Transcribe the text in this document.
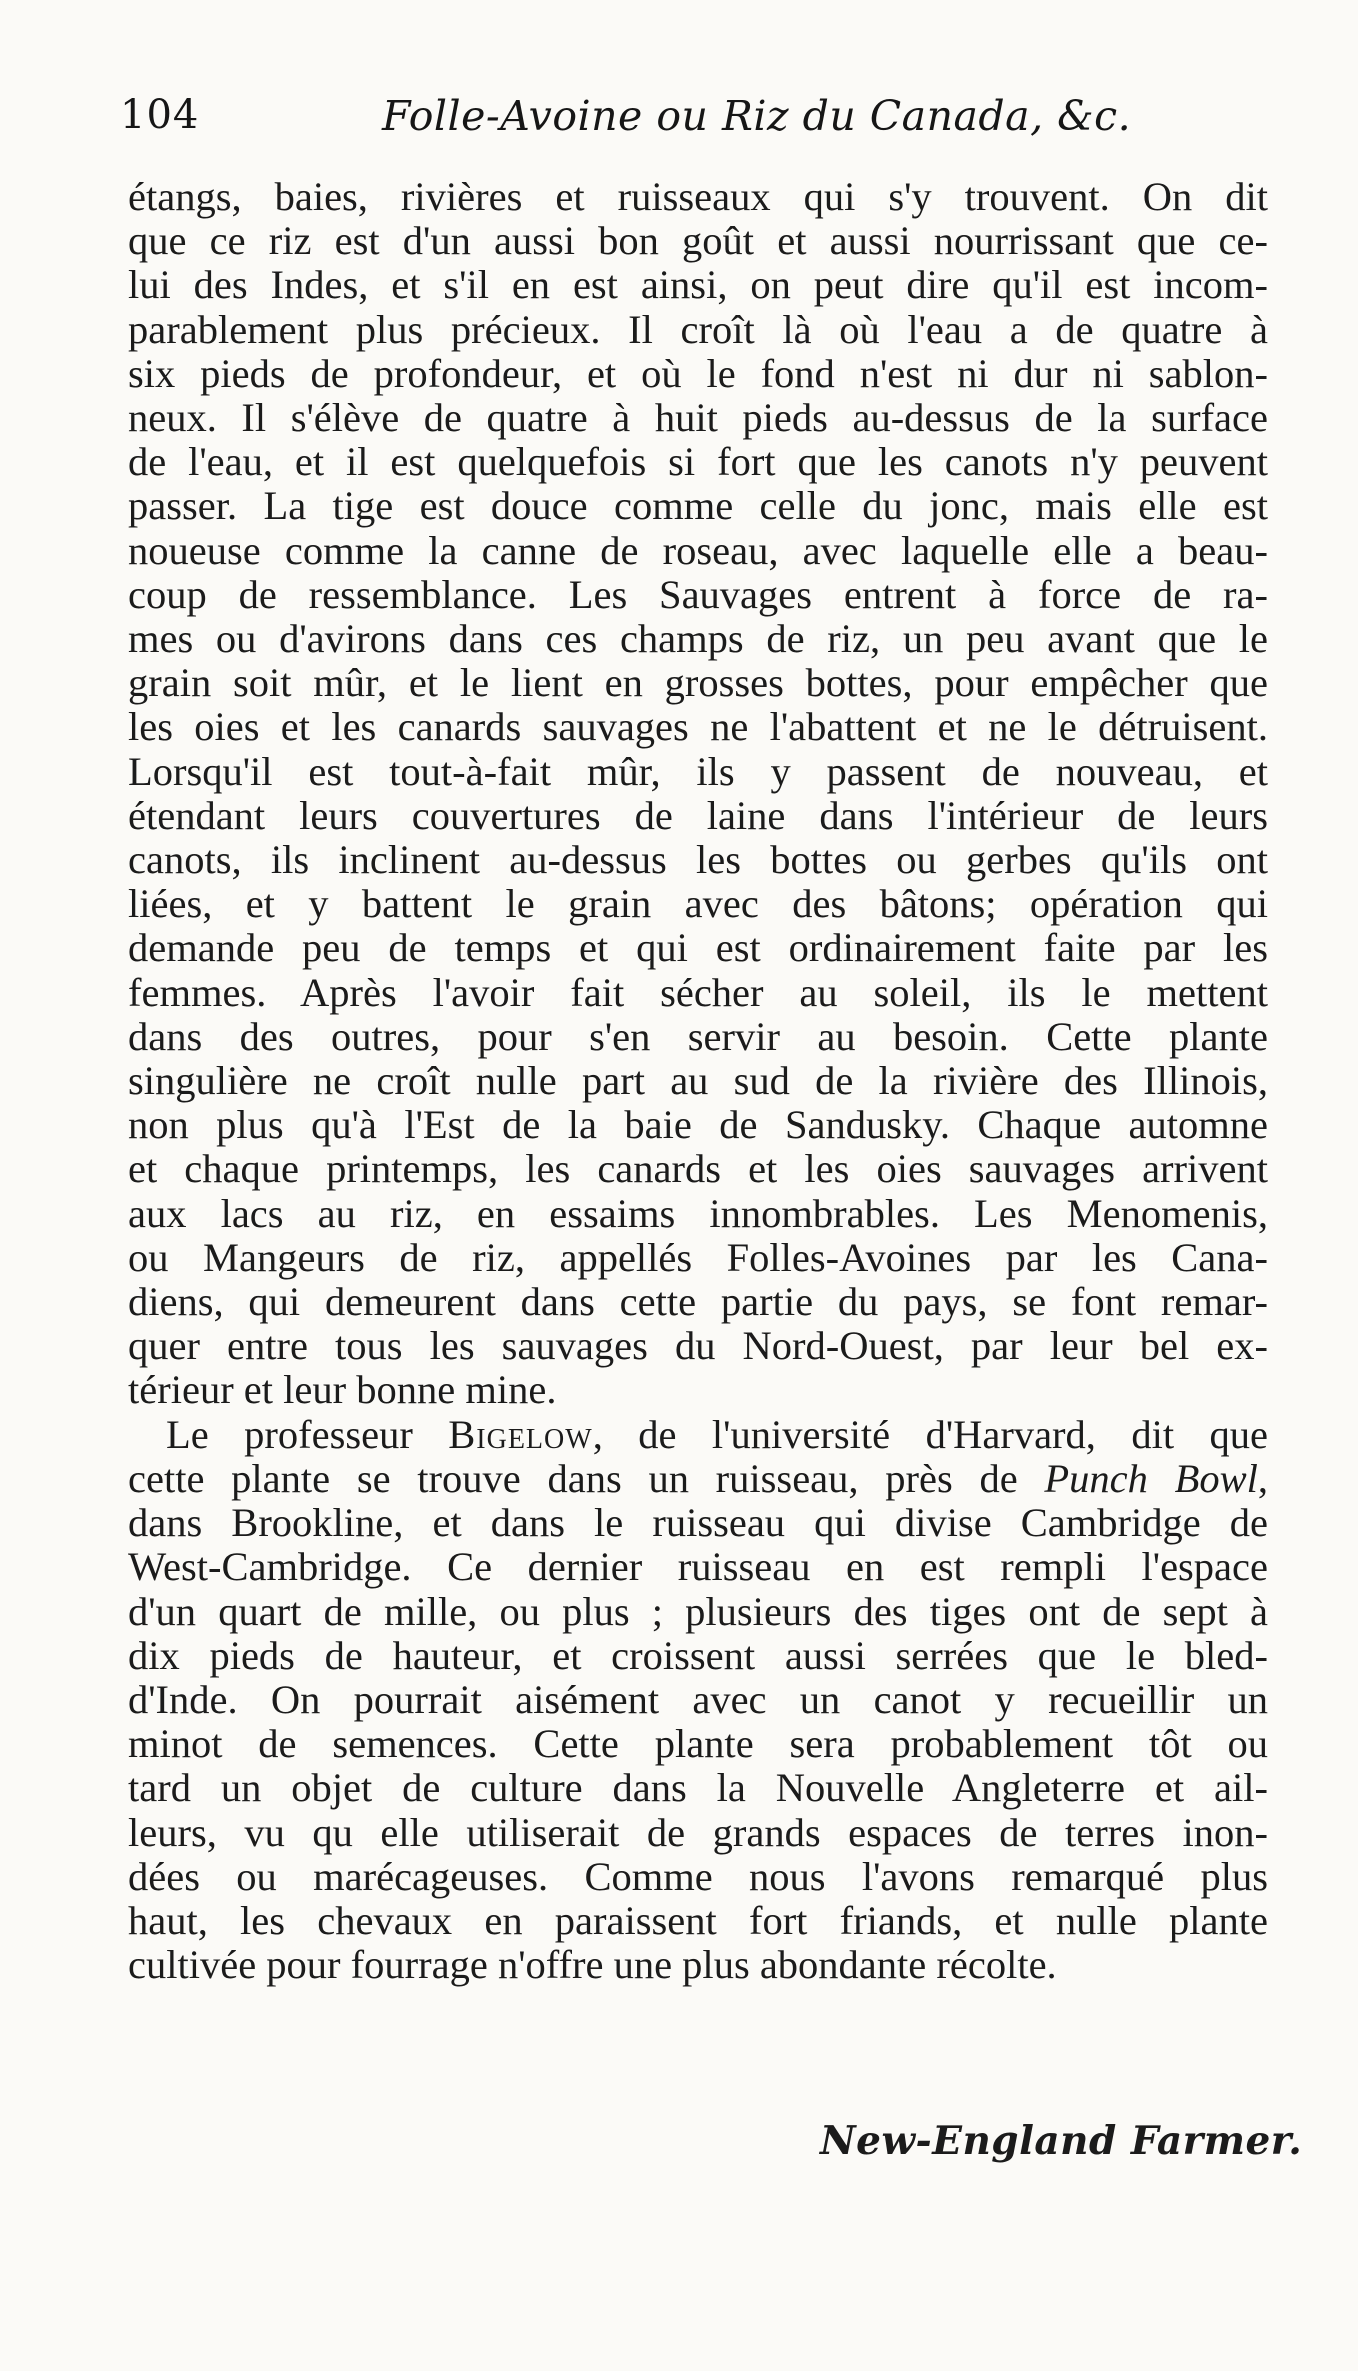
104	Folle-Avoine ou Riz du Canada, &c.
étangs, baies, rivières et ruisseaux qui s'y trouvent. On dit
que ce riz est d'un aussi bon goût et aussi nourrissant que ce-
lui des Indes, et s'il en est ainsi, on peut dire qu'il est incom-
parablement plus précieux. Il croît là où l'eau a de quatre à
six pieds de profondeur, et où le fond n'est ni dur ni sablon-
neux. Il s'élève de quatre à huit pieds au-dessus de la surface
de l'eau, et il est quelquefois si fort que les canots n'y peuvent
passer. La tige est douce comme celle du jonc, mais elle est
noueuse comme la canne de roseau, avec laquelle elle a beau-
coup de ressemblance. Les Sauvages entrent à force de ra-
mes ou d'avirons dans ces champs de riz, un peu avant que le
grain soit mûr, et le lient en grosses bottes, pour empêcher que
les oies et les canards sauvages ne l'abattent et ne le détruisent.
Lorsqu'il est tout-à-fait mûr, ils y passent de nouveau, et
étendant leurs couvertures de laine dans l'intérieur de leurs
canots, ils inclinent au-dessus les bottes ou gerbes qu'ils ont
liées, et y battent le grain avec des bâtons; opération qui
demande peu de temps et qui est ordinairement faite par les
femmes. Après l'avoir fait sécher au soleil, ils le mettent
dans des outres, pour s'en servir au besoin. Cette plante
singulière ne croît nulle part au sud de la rivière des Illinois,
non plus qu'à l'Est de la baie de Sandusky. Chaque automne
et chaque printemps, les canards et les oies sauvages arrivent
aux lacs au riz, en essaims innombrables. Les Menomenis,
ou Mangeurs de riz, appellés Folles-Avoines par les Cana-
diens, qui demeurent dans cette partie du pays, se font remar-
quer entre tous les sauvages du Nord-Ouest, par leur bel ex-
térieur et leur bonne mine.
Le professeur Bigelow, de l'université d'Harvard, dit que
cette plante se trouve dans un ruisseau, près de Punch Bowl,
dans Brookline, et dans le ruisseau qui divise Cambridge de
West-Cambridge. Ce dernier ruisseau en est rempli l'espace
d'un quart de mille, ou plus ; plusieurs des tiges ont de sept à
dix pieds de hauteur, et croissent aussi serrées que le bled-
d'Inde. On pourrait aisément avec un canot y recueillir un
minot de semences. Cette plante sera probablement tôt ou
tard un objet de culture dans la Nouvelle Angleterre et ail-
leurs, vu qu elle utiliserait de grands espaces de terres inon-
dées ou marécageuses. Comme nous l'avons remarqué plus
haut, les chevaux en paraissent fort friands, et nulle plante
cultivée pour fourrage n'offre une plus abondante récolte.
New-England Farmer.
